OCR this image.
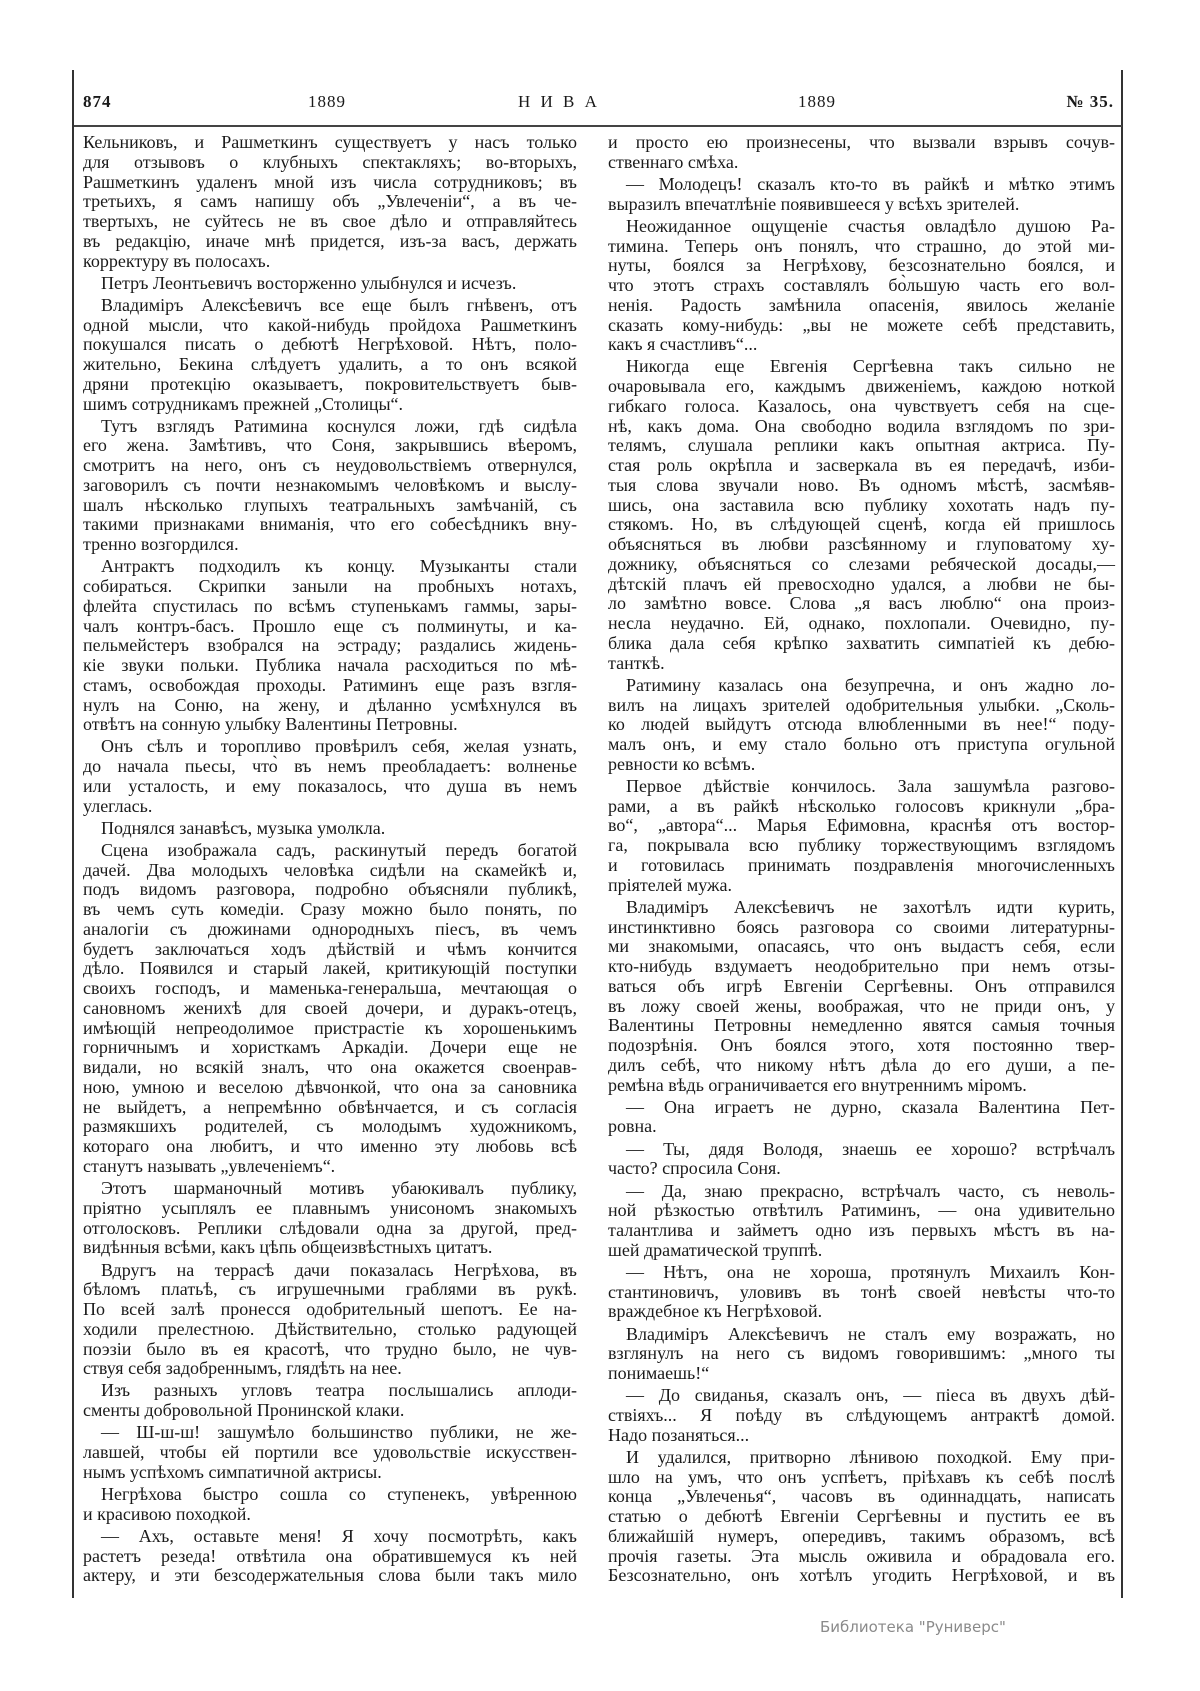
874	1889	Н И В А	1889	№ 35.
Кельниковъ, и Рашметкинъ существуетъ у насъ только
для отзывовъ о клубныхъ спектакляхъ; во-вторыхъ,
Рашметкинъ удаленъ мной изъ числа сотрудниковъ; въ
третьихъ, я самъ напишу объ „Увлеченіи“, а въ че-
твертыхъ, не суйтесь не въ свое дѣло и отправляйтесь
въ редакцію, иначе мнѣ придется, изъ-за васъ, держать
корректуру въ полосахъ.
Петръ Леонтьевичъ восторженно улыбнулся и исчезъ.
Владиміръ Алексѣевичъ все еще былъ гнѣвенъ, отъ
одной мысли, что какой-нибудь пройдоха Рашметкинъ
покушался писать о дебютѣ Негрѣховой. Нѣтъ, поло-
жительно, Бекина слѣдуетъ удалить, а то онъ всякой
дряни протекцію оказываетъ, покровительствуетъ быв-
шимъ сотрудникамъ прежней „Столицы“.
Тутъ взглядъ Ратимина коснулся ложи, гдѣ сидѣла
его жена. Замѣтивъ, что Соня, закрывшись вѣеромъ,
смотритъ на него, онъ съ неудовольствіемъ отвернулся,
заговорилъ съ почти незнакомымъ человѣкомъ и выслу-
шалъ нѣсколько глупыхъ театральныхъ замѣчаній, съ
такими признаками вниманія, что его собесѣдникъ вну-
тренно возгордился.
Антрактъ подходилъ къ концу. Музыканты стали
собираться. Скрипки заныли на пробныхъ нотахъ,
флейта спустилась по всѣмъ ступенькамъ гаммы, зары-
чалъ контръ-басъ. Прошло еще съ полминуты, и ка-
пельмейстеръ взобрался на эстраду; раздались жидень-
кіе звуки польки. Публика начала расходиться по мѣ-
стамъ, освобождая проходы. Ратиминъ еще разъ взгля-
нулъ на Соню, на жену, и дѣланно усмѣхнулся въ
отвѣтъ на сонную улыбку Валентины Петровны.
Онъ сѣлъ и торопливо провѣрилъ себя, желая узнать,
до начала пьесы, что̀ въ немъ преобладаетъ: волненье
или усталость, и ему показалось, что душа въ немъ
улеглась.
Поднялся занавѣсъ, музыка умолкла.
Сцена изображала садъ, раскинутый передъ богатой
дачей. Два молодыхъ человѣка сидѣли на скамейкѣ и,
подъ видомъ разговора, подробно объясняли публикѣ,
въ чемъ суть комедіи. Сразу можно было понять, по
аналогіи съ дюжинами однородныхъ піесъ, въ чемъ
будетъ заключаться ходъ дѣйствій и чѣмъ кончится
дѣло. Появился и старый лакей, критикующій поступки
своихъ господъ, и маменька-генеральша, мечтающая о
сановномъ женихѣ для своей дочери, и дуракъ-отецъ,
имѣющій непреодолимое пристрастіе къ хорошенькимъ
горничнымъ и хористкамъ Аркадіи. Дочери еще не
видали, но всякій зналъ, что она окажется своенрав-
ною, умною и веселою дѣвчонкой, что она за сановника
не выйдетъ, а непремѣнно обвѣнчается, и съ согласія
размякшихъ родителей, съ молодымъ художникомъ,
котораго она любитъ, и что именно эту любовь всѣ
станутъ называть „увлеченіемъ“.
Этотъ шарманочный мотивъ убаюкивалъ публику,
пріятно усыплялъ ее плавнымъ унисономъ знакомыхъ
отголосковъ. Реплики слѣдовали одна за другой, пред-
видѣнныя всѣми, какъ цѣпь общеизвѣстныхъ цитатъ.
Вдругъ на террасѣ дачи показалась Негрѣхова, въ
бѣломъ платьѣ, съ игрушечными граблями въ рукѣ.
По всей залѣ пронесся одобрительный шепотъ. Ее на-
ходили прелестною. Дѣйствительно, столько радующей
поэзіи было въ ея красотѣ, что трудно было, не чув-
ствуя себя задобреннымъ, глядѣть на нее.
Изъ разныхъ угловъ театра послышались аплоди-
сменты добровольной Пронинской клаки.
— Ш-ш-ш! зашумѣло большинство публики, не же-
лавшей, чтобы ей портили все удовольствіе искусствен-
нымъ успѣхомъ симпатичной актрисы.
Негрѣхова быстро сошла со ступенекъ, увѣренною
и красивою походкой.
— Ахъ, оставьте меня! Я хочу посмотрѣть, какъ
растетъ резеда! отвѣтила она обратившемуся къ ней
актеру, и эти безсодержательныя слова были такъ мило
и просто ею произнесены, что вызвали взрывъ сочув-
ственнаго смѣха.
— Молодецъ! сказалъ кто-то въ райкѣ и мѣтко этимъ
выразилъ впечатлѣніе появившееся у всѣхъ зрителей.
Неожиданное ощущеніе счастья овладѣло душою Ра-
тимина. Теперь онъ понялъ, что страшно, до этой ми-
нуты, боялся за Негрѣхову, безсознательно боялся, и
что этотъ страхъ составлялъ бо̀льшую часть его вол-
ненія. Радость замѣнила опасенія, явилось желаніе
сказать кому-нибудь: „вы не можете себѣ представить,
какъ я счастливъ“...
Никогда еще Евгенія Сергѣевна такъ сильно не
очаровывала его, каждымъ движеніемъ, каждою ноткой
гибкаго голоса. Казалось, она чувствуетъ себя на сце-
нѣ, какъ дома. Она свободно водила взглядомъ по зри-
телямъ, слушала реплики какъ опытная актриса. Пу-
стая роль окрѣпла и засверкала въ ея передачѣ, изби-
тыя слова звучали ново. Въ одномъ мѣстѣ, засмѣяв-
шись, она заставила всю публику хохотать надъ пу-
стякомъ. Но, въ слѣдующей сценѣ, когда ей пришлось
объясняться въ любви разсѣянному и глуповатому ху-
дожнику, объясняться со слезами ребяческой досады,—
дѣтскій плачъ ей превосходно удался, а любви не бы-
ло замѣтно вовсе. Слова „я васъ люблю“ она произ-
несла неудачно. Ей, однако, похлопали. Очевидно, пу-
блика дала себя крѣпко захватить симпатіей къ дебю-
танткѣ.
Ратимину казалась она безупречна, и онъ жадно ло-
вилъ на лицахъ зрителей одобрительныя улыбки. „Сколь-
ко людей выйдутъ отсюда влюбленными въ нее!“ поду-
малъ онъ, и ему стало больно отъ приступа огульной
ревности ко всѣмъ.
Первое дѣйствіе кончилось. Зала зашумѣла разгово-
рами, а въ райкѣ нѣсколько голосовъ крикнули „бра-
во“, „автора“... Марья Ефимовна, краснѣя отъ востор-
га, покрывала всю публику торжествующимъ взглядомъ
и готовилась принимать поздравленія многочисленныхъ
пріятелей мужа.
Владиміръ Алексѣевичъ не захотѣлъ идти курить,
инстинктивно боясь разговора со своими литературны-
ми знакомыми, опасаясь, что онъ выдастъ себя, если
кто-нибудь вздумаетъ неодобрительно при немъ отзы-
ваться объ игрѣ Евгеніи Сергѣевны. Онъ отправился
въ ложу своей жены, воображая, что не приди онъ, у
Валентины Петровны немедленно явятся самыя точныя
подозрѣнія. Онъ боялся этого, хотя постоянно твер-
дилъ себѣ, что никому нѣтъ дѣла до его души, а пе-
ремѣна вѣдь ограничивается его внутреннимъ міромъ.
— Она играетъ не дурно, сказала Валентина Пет-
ровна.
— Ты, дядя Володя, знаешь ее хорошо? встрѣчалъ
часто? спросила Соня.
— Да, знаю прекрасно, встрѣчалъ часто, съ неволь-
ной рѣзкостью отвѣтилъ Ратиминъ, — она удивительно
талантлива и займетъ одно изъ первыхъ мѣстъ въ на-
шей драматической труппѣ.
— Нѣтъ, она не хороша, протянулъ Михаилъ Кон-
стантиновичъ, уловивъ въ тонѣ своей невѣсты что-то
враждебное къ Негрѣховой.
Владиміръ Алексѣевичъ не сталъ ему возражать, но
взглянулъ на него съ видомъ говорившимъ: „много ты
понимаешь!“
— До свиданья, сказалъ онъ, — піеса въ двухъ дѣй-
ствіяхъ... Я поѣду въ слѣдующемъ антрактѣ домой.
Надо позаняться...
И удалился, притворно лѣнивою походкой. Ему при-
шло на умъ, что онъ успѣетъ, пріѣхавъ къ себѣ послѣ
конца „Увлеченья“, часовъ въ одиннадцать, написать
статью о дебютѣ Евгеніи Сергѣевны и пустить ее въ
ближайшій нумеръ, опередивъ, такимъ образомъ, всѣ
прочія газеты. Эта мысль оживила и обрадовала его.
Безсознательно, онъ хотѣлъ угодить Негрѣховой, и въ
Библиотека "Руниверс"
